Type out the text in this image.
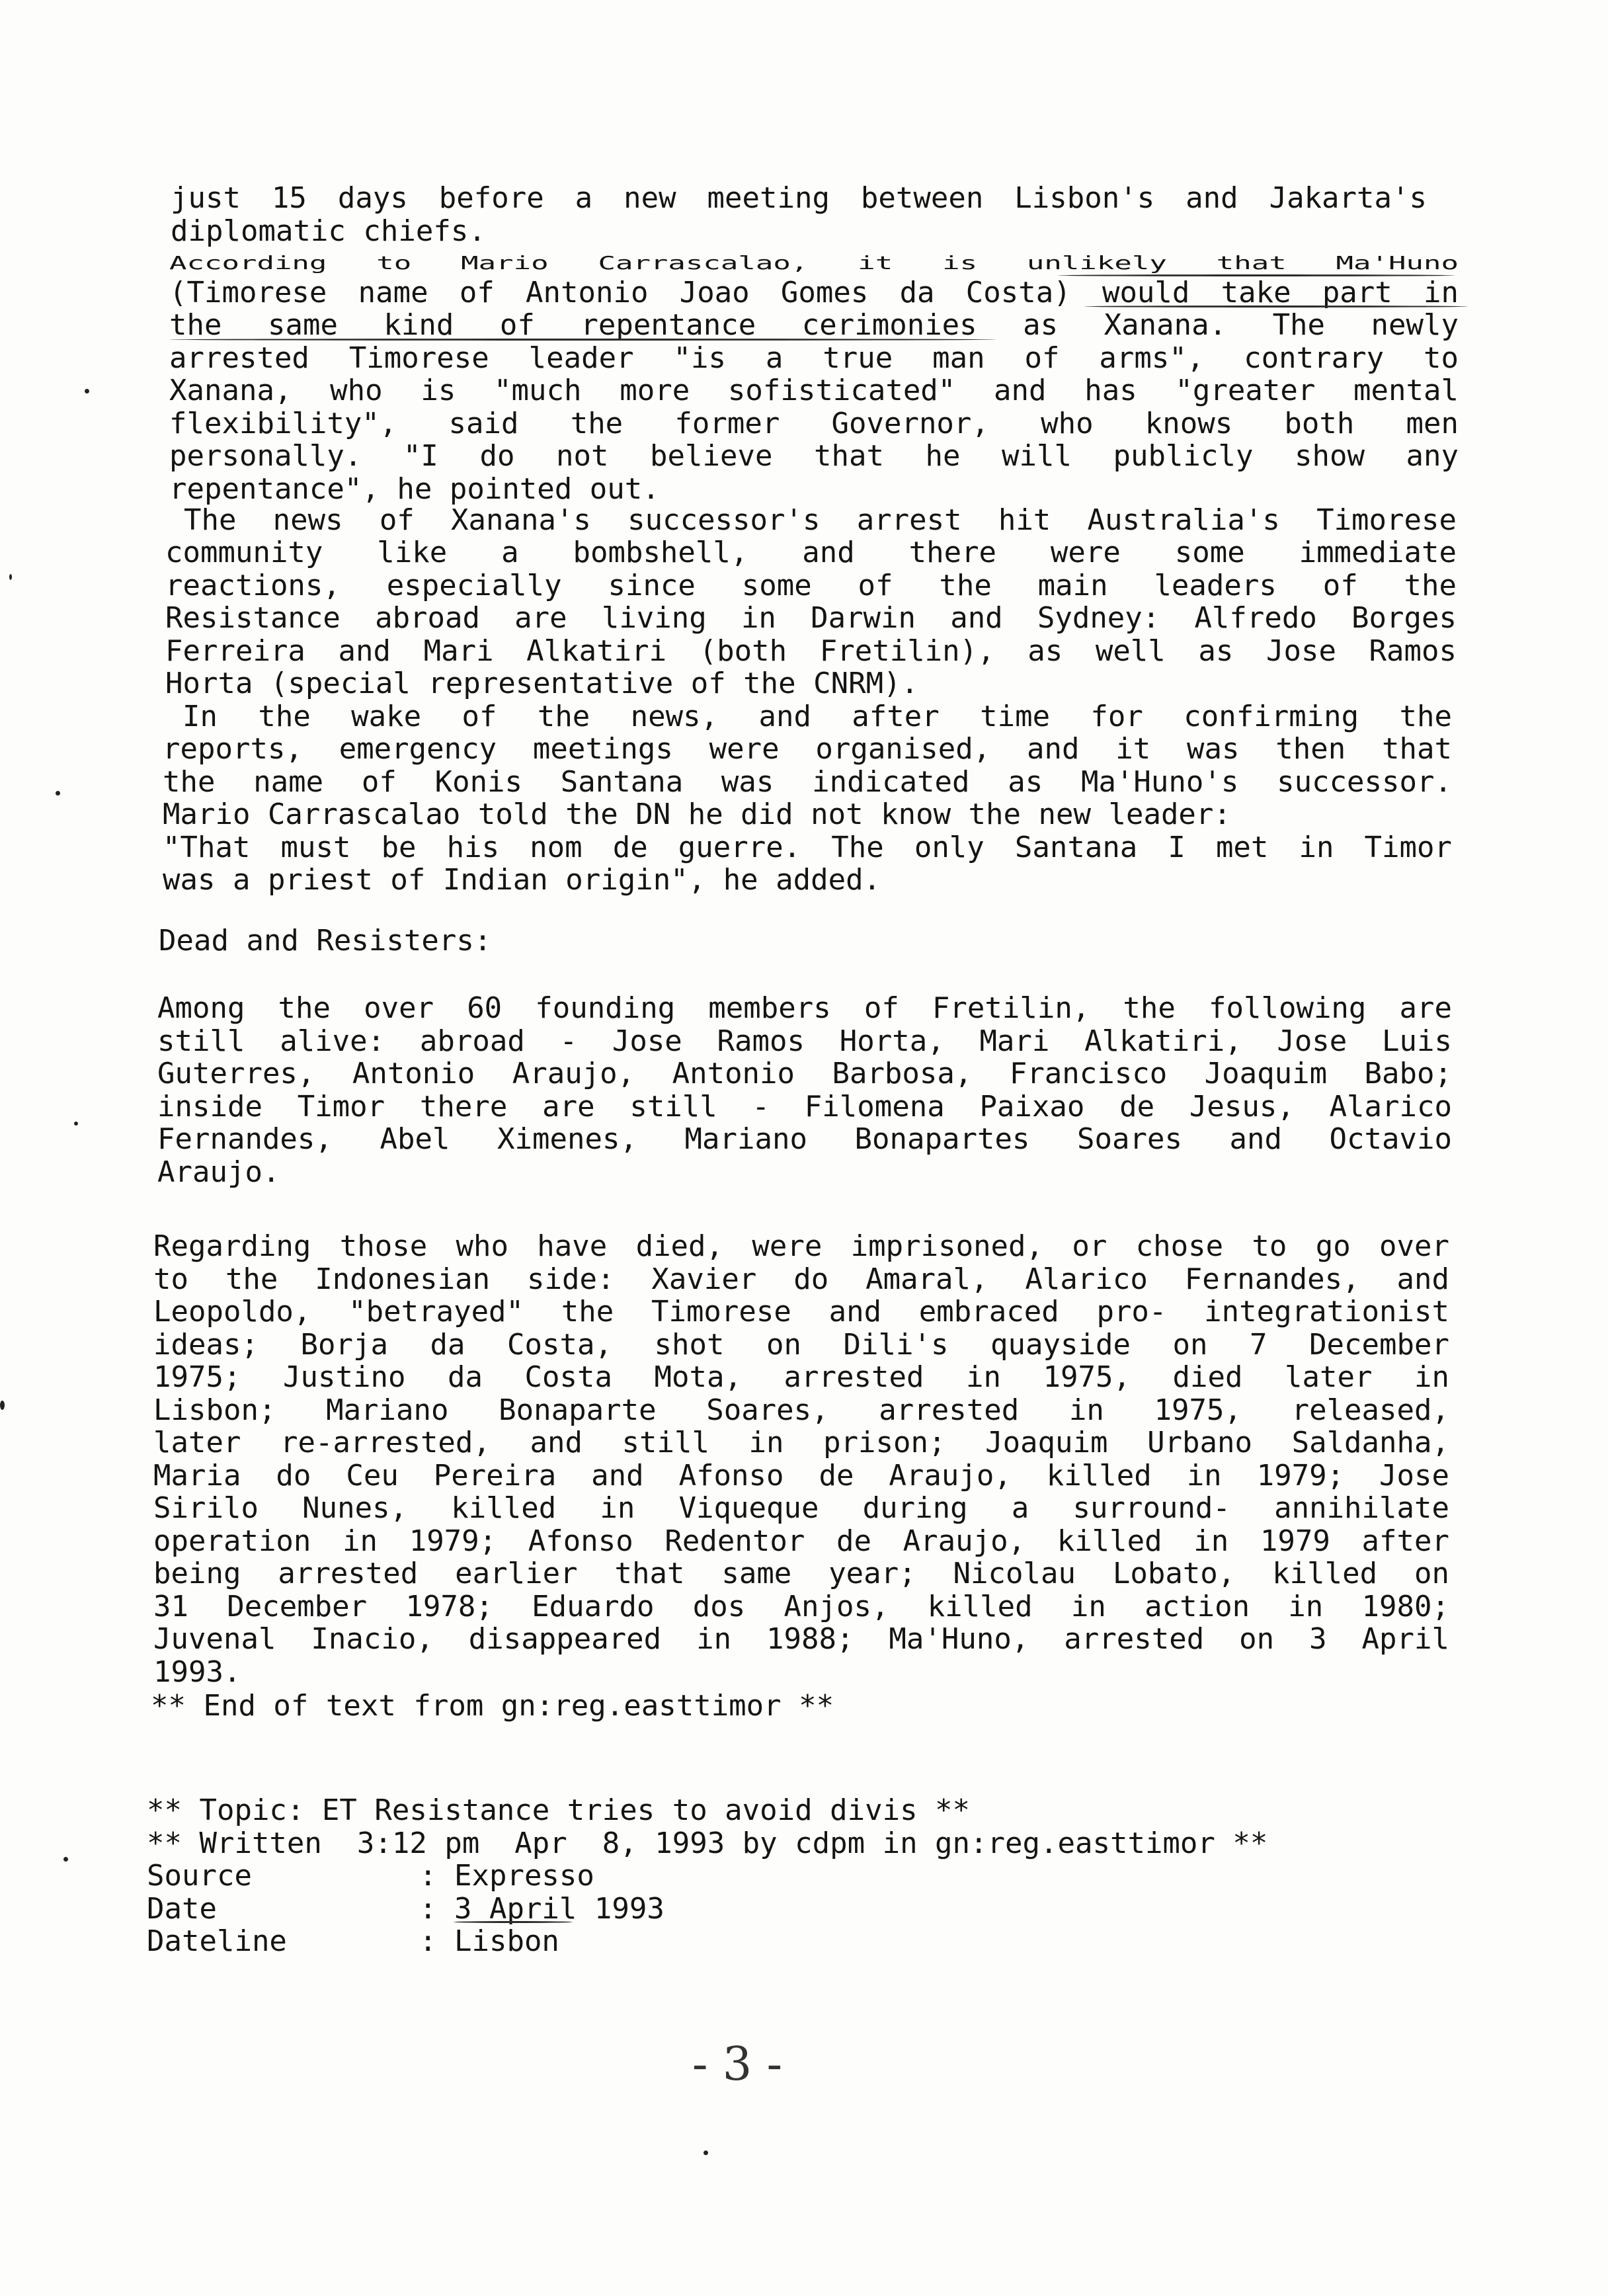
just 15 days before a new meeting between Lisbon's and Jakarta's
diplomatic chiefs.
According to Mario Carrascalao, it is unlikely that Ma'Huno
(Timorese name of Antonio Joao Gomes da Costa) would take part in
the same kind of repentance cerimonies as Xanana. The newly
arrested Timorese leader "is a true man of arms", contrary to
Xanana, who is "much more sofisticated" and has "greater mental
flexibility", said the former Governor, who knows both men
personally. "I do not believe that he will publicly show any
repentance", he pointed out.
The news of Xanana's successor's arrest hit Australia's Timorese
community like a bombshell, and there were some immediate
reactions, especially since some of the main leaders of the
Resistance abroad are living in Darwin and Sydney: Alfredo Borges
Ferreira and Mari Alkatiri (both Fretilin), as well as Jose Ramos
Horta (special representative of the CNRM).
In the wake of the news, and after time for confirming the
reports, emergency meetings were organised, and it was then that
the name of Konis Santana was indicated as Ma'Huno's successor.
Mario Carrascalao told the DN he did not know the new leader:
"That must be his nom de guerre. The only Santana I met in Timor
was a priest of Indian origin", he added.
Dead and Resisters:
Among the over 60 founding members of Fretilin, the following are
still alive: abroad - Jose Ramos Horta, Mari Alkatiri, Jose Luis
Guterres, Antonio Araujo, Antonio Barbosa, Francisco Joaquim Babo;
inside Timor there are still - Filomena Paixao de Jesus, Alarico
Fernandes, Abel Ximenes, Mariano Bonapartes Soares and Octavio
Araujo.
Regarding those who have died, were imprisoned, or chose to go over
to the Indonesian side: Xavier do Amaral, Alarico Fernandes, and
Leopoldo, "betrayed" the Timorese and embraced pro- integrationist
ideas; Borja da Costa, shot on Dili's quayside on 7 December
1975; Justino da Costa Mota, arrested in 1975, died later in
Lisbon; Mariano Bonaparte Soares, arrested in 1975, released,
later re-arrested, and still in prison; Joaquim Urbano Saldanha,
Maria do Ceu Pereira and Afonso de Araujo, killed in 1979; Jose
Sirilo Nunes, killed in Viqueque during a surround- annihilate
operation in 1979; Afonso Redentor de Araujo, killed in 1979 after
being arrested earlier that same year; Nicolau Lobato, killed on
31 December 1978; Eduardo dos Anjos, killed in action in 1980;
Juvenal Inacio, disappeared in 1988; Ma'Huno, arrested on 3 April
1993.
** End of text from gn:reg.easttimor **
** Topic: ET Resistance tries to avoid divis **
** Written  3:12 pm  Apr  8, 1993 by cdpm in gn:reg.easttimor **
Source	: Expresso
Date	: 3 April 1993
Dateline	: Lisbon
- 3 -
